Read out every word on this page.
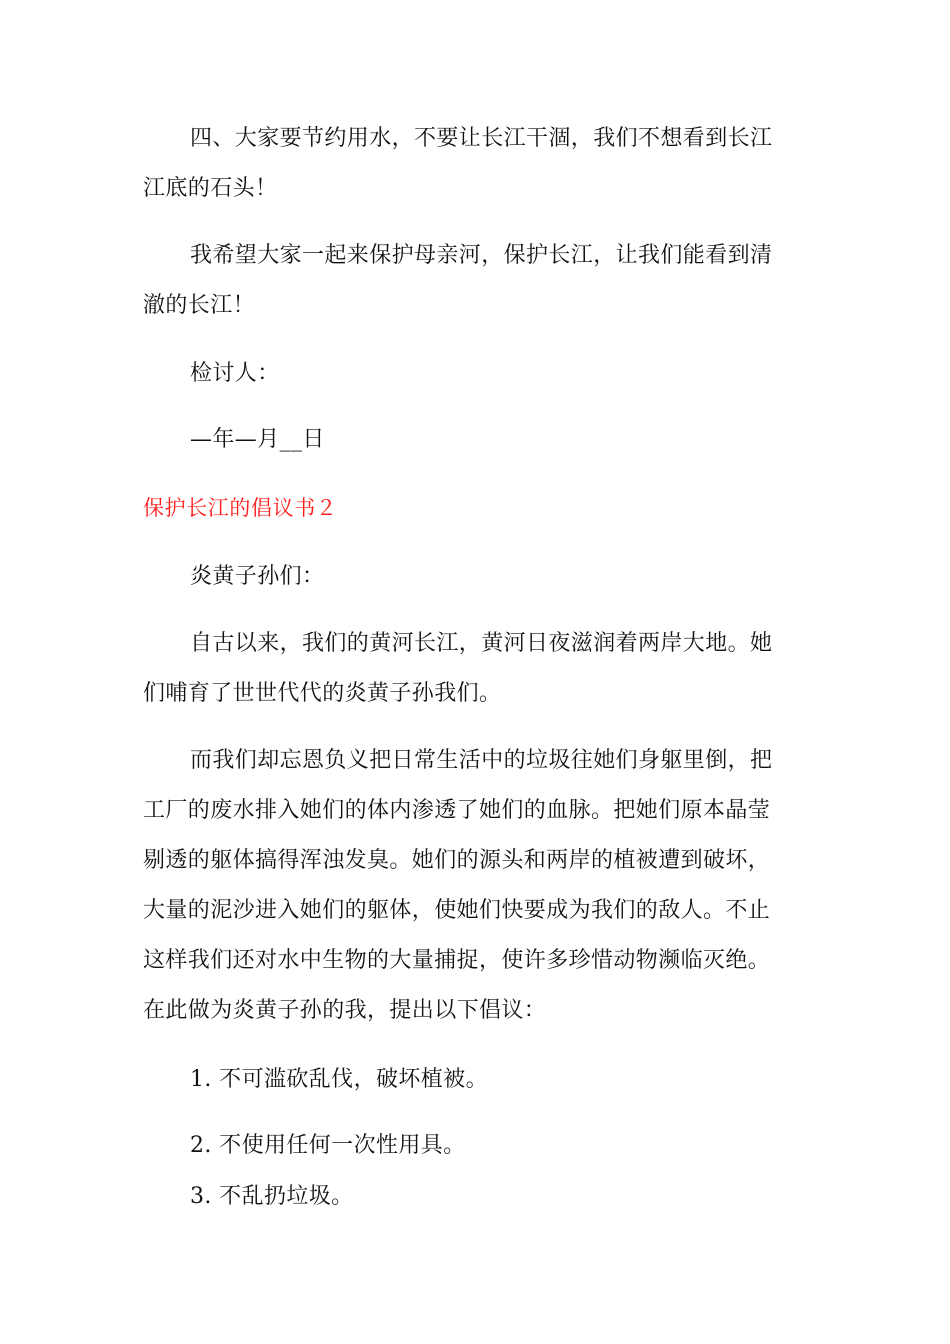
四、大家要节约用水，不要让长江干涸，我们不想看到长江
江底的石头！
我希望大家一起来保护母亲河，保护长江，让我们能看到清
澈的长江！
检讨人：
—年—月__日
保护长江的倡议书２
炎黄子孙们：
自古以来，我们的黄河长江，黄河日夜滋润着两岸大地。她
们哺育了世世代代的炎黄子孙我们。
而我们却忘恩负义把日常生活中的垃圾往她们身躯里倒，把
工厂的废水排入她们的体内渗透了她们的血脉。把她们原本晶莹
剔透的躯体搞得浑浊发臭。她们的源头和两岸的植被遭到破坏，
大量的泥沙进入她们的躯体，使她们快要成为我们的敌人。不止
这样我们还对水中生物的大量捕捉，使许多珍惜动物濒临灭绝。
在此做为炎黄子孙的我，提出以下倡议：
1. 不可滥砍乱伐，破坏植被。
2. 不使用任何一次性用具。
3. 不乱扔垃圾。
